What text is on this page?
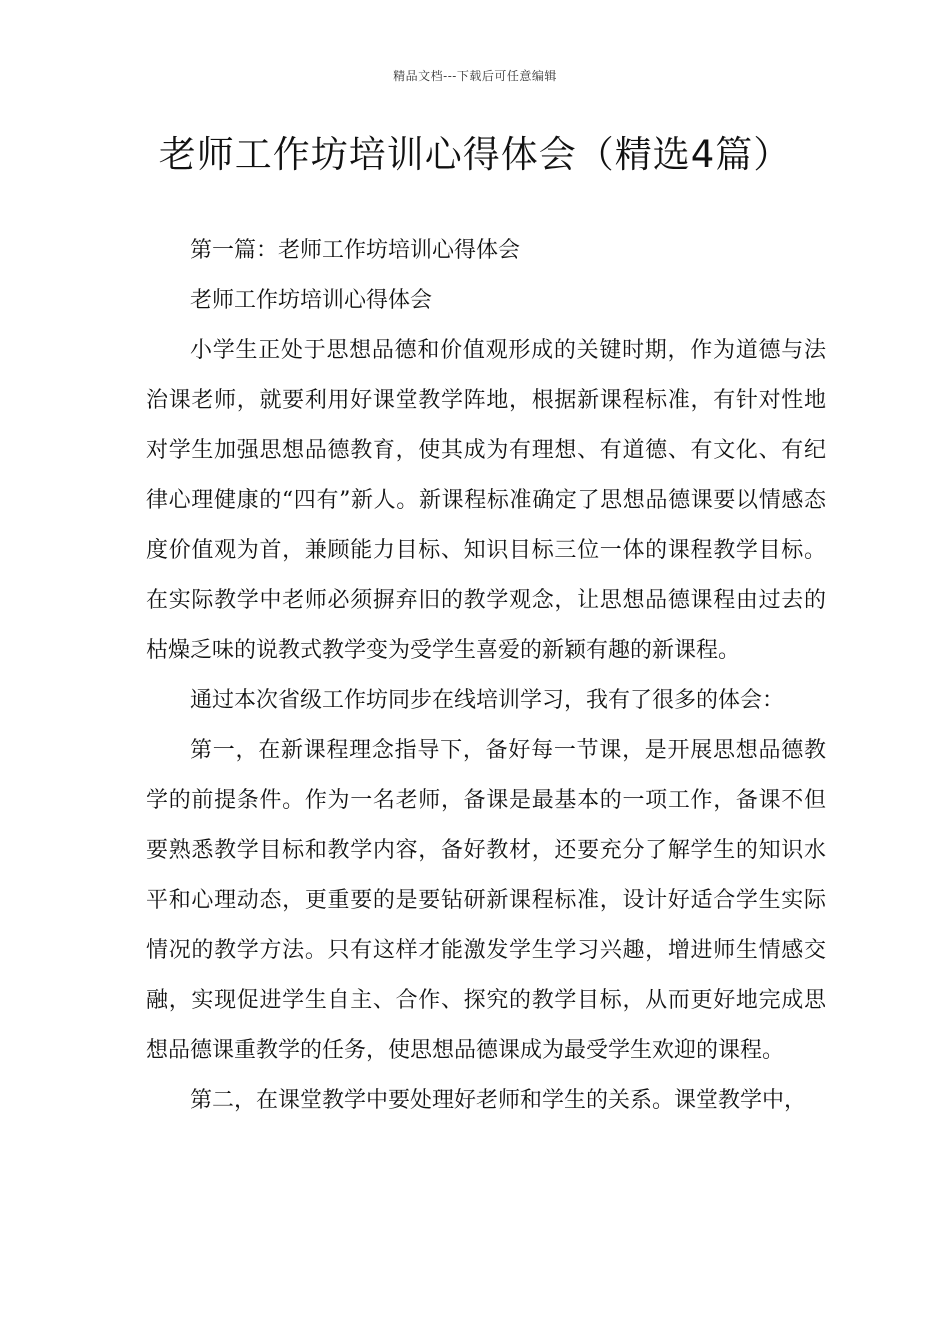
精品文档---下载后可任意编辑
老师工作坊培训心得体会（精选4篇）

第一篇：老师工作坊培训心得体会

老师工作坊培训心得体会

小学生正处于思想品德和价值观形成的关键时期，作为道德与法治课老师，就要利用好课堂教学阵地，根据新课程标准，有针对性地对学生加强思想品德教育，使其成为有理想、有道德、有文化、有纪律心理健康的“四有”新人。新课程标准确定了思想品德课要以情感态度价值观为首，兼顾能力目标、知识目标三位一体的课程教学目标。在实际教学中老师必须摒弃旧的教学观念，让思想品德课程由过去的枯燥乏味的说教式教学变为受学生喜爱的新颖有趣的新课程。

通过本次省级工作坊同步在线培训学习，我有了很多的体会：

第一，在新课程理念指导下，备好每一节课，是开展思想品德教学的前提条件。作为一名老师，备课是最基本的一项工作，备课不但要熟悉教学目标和教学内容，备好教材，还要充分了解学生的知识水平和心理动态，更重要的是要钻研新课程标准，设计好适合学生实际情况的教学方法。只有这样才能激发学生学习兴趣，增进师生情感交融，实现促进学生自主、合作、探究的教学目标，从而更好地完成思想品德课重教学的任务，使思想品德课成为最受学生欢迎的课程。

第二，在课堂教学中要处理好老师和学生的关系。课堂教学中，
